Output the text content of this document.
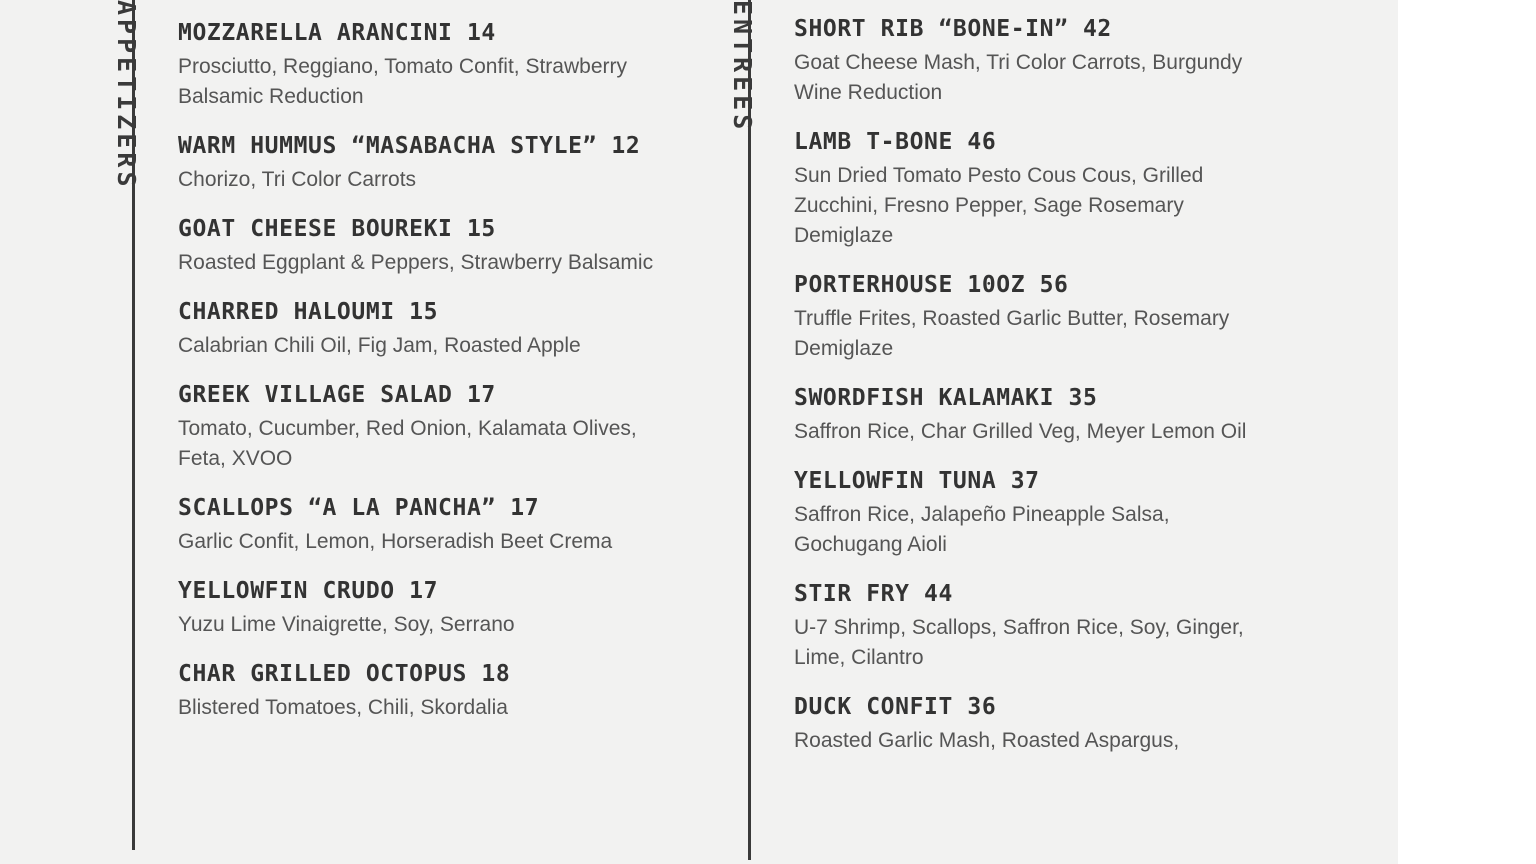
APPETIZERS MOZZARELLA ARANCINI 14

Prosciutto, Reggiano, Tomato Confit, Strawberry Balsamic Reduction

WARM HUMMUS “MASABACHA STYLE” 12

Chorizo, Tri Color Carrots

GOAT CHEESE BOUREKI 15

Roasted Eggplant & Peppers, Strawberry Balsamic

CHARRED HALOUMI 15

Calabrian Chili Oil, Fig Jam, Roasted Apple

GREEK VILLAGE SALAD 17

Tomato, Cucumber, Red Onion, Kalamata Olives, Feta, XVOO

SCALLOPS “A LA PANCHA” 17

Garlic Confit, Lemon, Horseradish Beet Crema

YELLOWFIN CRUDO 17

Yuzu Lime Vinaigrette, Soy, Serrano

CHAR GRILLED OCTOPUS 18

Blistered Tomatoes, Chili, Skordalia

ENTREES SHORT RIB “BONE-IN” 42

Goat Cheese Mash, Tri Color Carrots, Burgundy Wine Reduction

LAMB T-BONE 46

Sun Dried Tomato Pesto Cous Cous, Grilled Zucchini, Fresno Pepper, Sage Rosemary Demiglaze

PORTERHOUSE 10OZ 56

Truffle Frites, Roasted Garlic Butter, Rosemary Demiglaze

SWORDFISH KALAMAKI 35

Saffron Rice, Char Grilled Veg, Meyer Lemon Oil

YELLOWFIN TUNA 37

Saffron Rice, Jalapeño Pineapple Salsa, Gochugang Aioli

STIR FRY 44

U-7 Shrimp, Scallops, Saffron Rice, Soy, Ginger, Lime, Cilantro

DUCK CONFIT 36

Roasted Garlic Mash, Roasted Aspargus,
